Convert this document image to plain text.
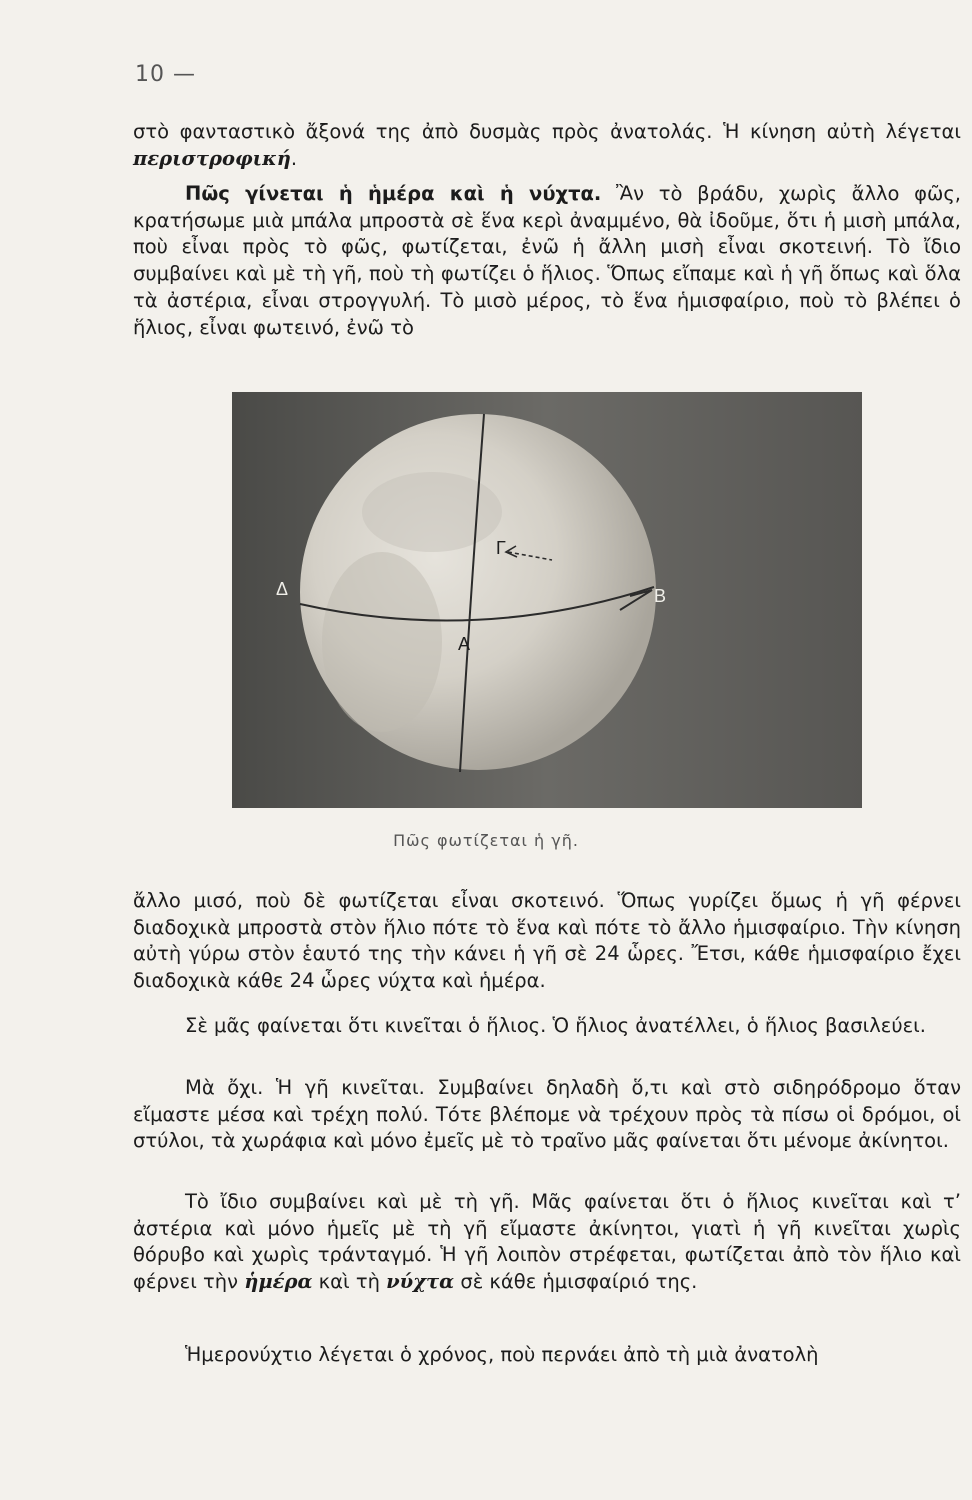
10 —

στὸ φανταστικὸ ἄξονά της ἀπὸ δυσμὰς πρὸς ἀνατολάς. Ἡ κίνηση αὐτὴ λέγεται περιστροφική.

Πῶς γίνεται ἡ ἡμέρα καὶ ἡ νύχτα. Ἂν τὸ βράδυ, χωρὶς ἄλλο φῶς, κρατήσωμε μιὰ μπάλα μπροστὰ σὲ ἕνα κερὶ ἀναμμένο, θὰ ἰδοῦμε, ὅτι ἡ μισὴ μπάλα, ποὺ εἶναι πρὸς τὸ φῶς, φωτίζεται, ἐνῶ ἡ ἄλλη μισὴ εἶναι σκοτεινή. Τὸ ἴδιο συμβαίνει καὶ μὲ τὴ γῆ, ποὺ τὴ φωτίζει ὁ ἥλιος. Ὅπως εἴπαμε καὶ ἡ γῆ ὅπως καὶ ὅλα τὰ ἀστέρια, εἶναι στρογγυλή. Τὸ μισὸ μέρος, τὸ ἕνα ἡμισφαίριο, ποὺ τὸ βλέπει ὁ ἥλιος, εἶναι φωτεινό, ἐνῶ τὸ

Γ
Δ	Β
Α
Πῶς φωτίζεται ἡ γῆ.

ἄλλο μισό, ποὺ δὲ φωτίζεται εἶναι σκοτεινό. Ὅπως γυρίζει ὅμως ἡ γῆ φέρνει διαδοχικὰ μπροστὰ στὸν ἥλιο πότε τὸ ἕνα καὶ πότε τὸ ἄλλο ἡμισφαίριο. Τὴν κίνηση αὐτὴ γύρω στὸν ἑαυτό της τὴν κάνει ἡ γῆ σὲ 24 ὧρες. Ἔτσι, κάθε ἡμισφαίριο ἔχει διαδοχικὰ κάθε 24 ὧρες νύχτα καὶ ἡμέρα.

Σὲ μᾶς φαίνεται ὅτι κινεῖται ὁ ἥλιος. Ὁ ἥλιος ἀνατέλλει, ὁ ἥλιος βασιλεύει.

Μὰ ὄχι. Ἡ γῆ κινεῖται. Συμβαίνει δηλαδὴ ὅ,τι καὶ στὸ σιδηρόδρομο ὅταν εἴμαστε μέσα καὶ τρέχη πολύ. Τότε βλέπομε νὰ τρέχουν πρὸς τὰ πίσω οἱ δρόμοι, οἱ στύλοι, τὰ χωράφια καὶ μόνο ἐμεῖς μὲ τὸ τραῖνο μᾶς φαίνεται ὅτι μένομε ἀκίνητοι.

Τὸ ἴδιο συμβαίνει καὶ μὲ τὴ γῆ. Μᾶς φαίνεται ὅτι ὁ ἥλιος κινεῖται καὶ τ’ ἀστέρια καὶ μόνο ἡμεῖς μὲ τὴ γῆ εἴμαστε ἀκίνητοι, γιατὶ ἡ γῆ κινεῖται χωρὶς θόρυβο καὶ χωρὶς τράνταγμό. Ἡ γῆ λοιπὸν στρέφεται, φωτίζεται ἀπὸ τὸν ἥλιο καὶ φέρνει τὴν ἡμέρα καὶ τὴ νύχτα σὲ κάθε ἡμισφαίριό της.

Ἡμερονύχτιο λέγεται ὁ χρόνος, ποὺ περνάει ἀπὸ τὴ μιὰ ἀνατολὴ
